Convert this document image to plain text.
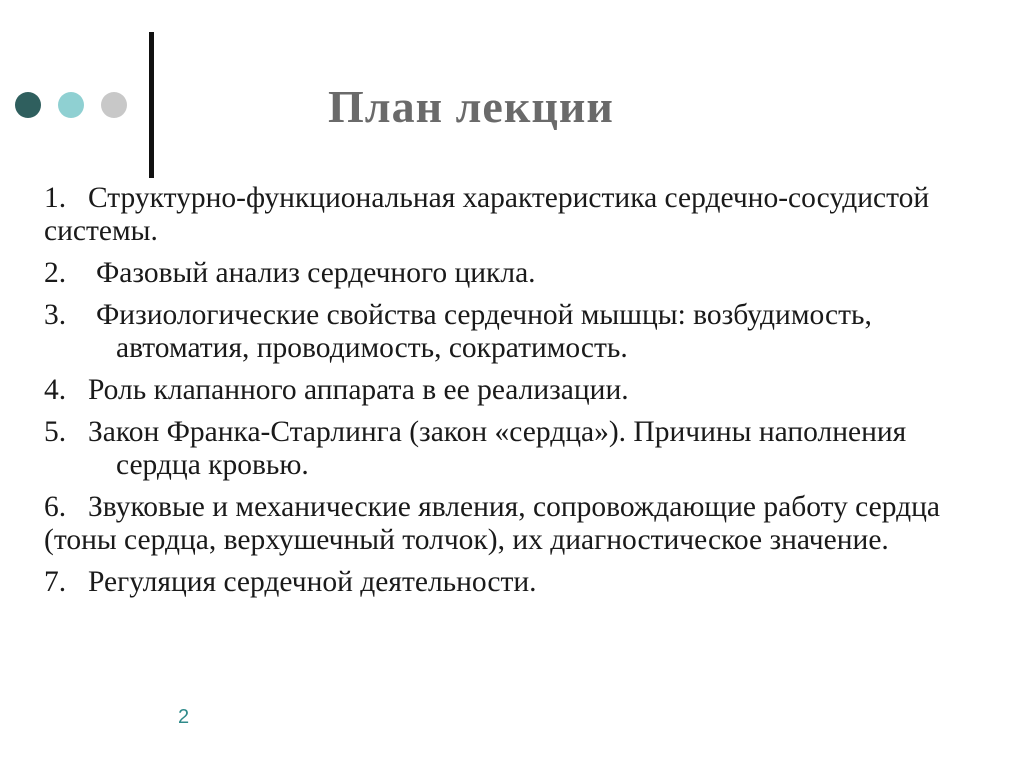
План лекции
1. Структурно-функциональная характеристика сердечно-сосудистой системы.
2. Фазовый анализ сердечного цикла.
3. Физиологические свойства сердечной мышцы: возбудимость, автоматия, проводимость, сократимость.
4. Роль клапанного аппарата в ее реализации.
5. Закон Франка-Старлинга (закон «сердца»). Причины наполнения сердца кровью.
6. Звуковые и механические явления, сопровождающие работу сердца (тоны сердца, верхушечный толчок), их диагностическое значение.
7. Регуляция сердечной деятельности.
2
